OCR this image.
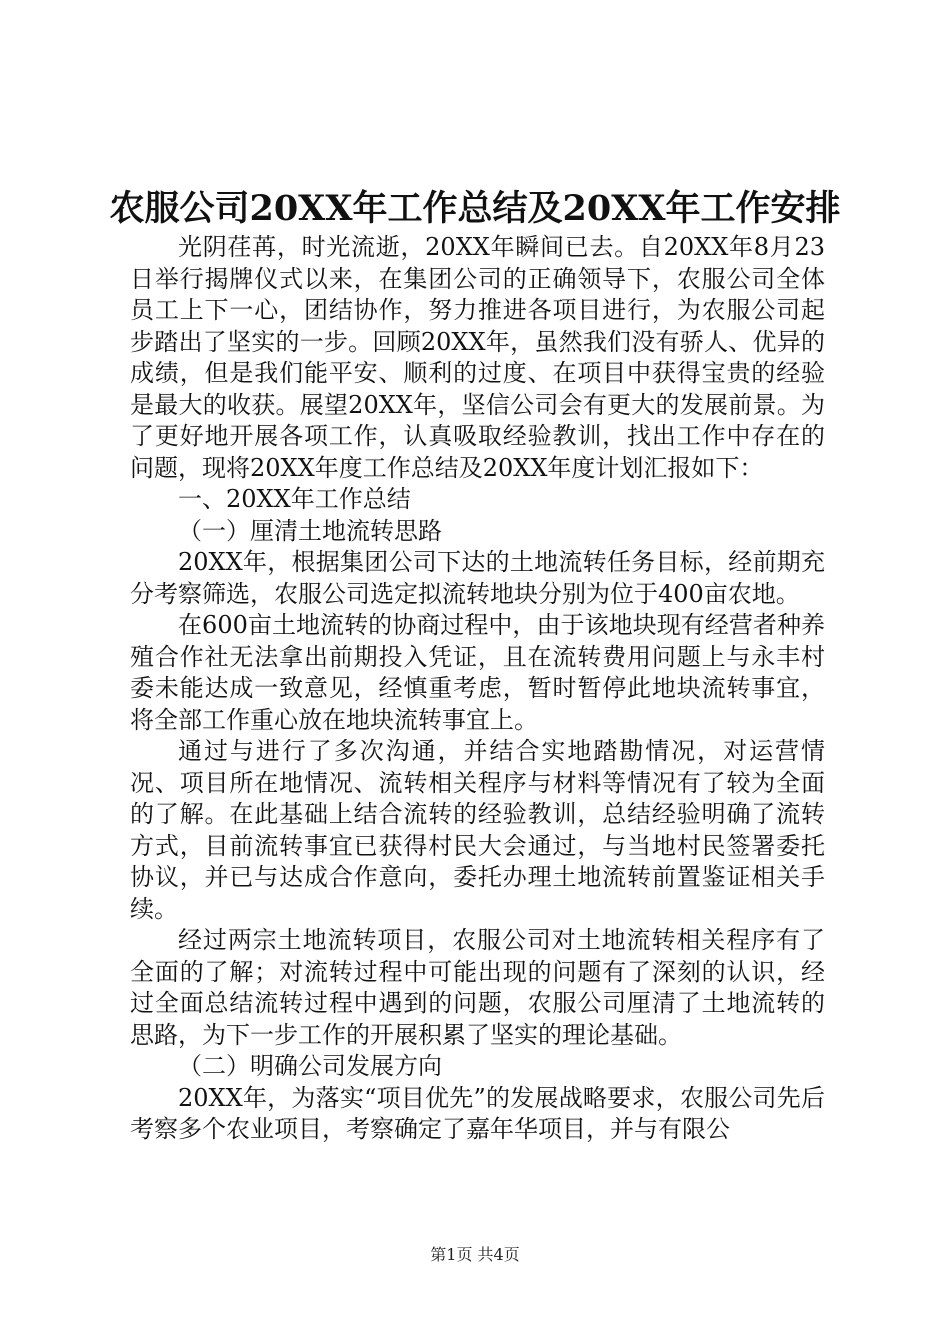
农服公司20XX年工作总结及20XX年工作安排

光阴荏苒，时光流逝，20XX年瞬间已去。自20XX年8月23日举行揭牌仪式以来，在集团公司的正确领导下，农服公司全体员工上下一心，团结协作，努力推进各项目进行，为农服公司起步踏出了坚实的一步。回顾20XX年，虽然我们没有骄人、优异的成绩，但是我们能平安、顺利的过度、在项目中获得宝贵的经验是最大的收获。展望20XX年，坚信公司会有更大的发展前景。为了更好地开展各项工作，认真吸取经验教训，找出工作中存在的问题，现将20XX年度工作总结及20XX年度计划汇报如下：

一、20XX年工作总结

（一）厘清土地流转思路

20XX年，根据集团公司下达的土地流转任务目标，经前期充分考察筛选，农服公司选定拟流转地块分别为位于400亩农地。

在600亩土地流转的协商过程中，由于该地块现有经营者种养殖合作社无法拿出前期投入凭证，且在流转费用问题上与永丰村委未能达成一致意见，经慎重考虑，暂时暂停此地块流转事宜，将全部工作重心放在地块流转事宜上。

通过与进行了多次沟通，并结合实地踏勘情况，对运营情况、项目所在地情况、流转相关程序与材料等情况有了较为全面的了解。在此基础上结合流转的经验教训，总结经验明确了流转方式，目前流转事宜已获得村民大会通过，与当地村民签署委托协议，并已与达成合作意向，委托办理土地流转前置鉴证相关手续。

经过两宗土地流转项目，农服公司对土地流转相关程序有了全面的了解；对流转过程中可能出现的问题有了深刻的认识，经过全面总结流转过程中遇到的问题，农服公司厘清了土地流转的思路，为下一步工作的开展积累了坚实的理论基础。

（二）明确公司发展方向

20XX年，为落实“项目优先”的发展战略要求，农服公司先后考察多个农业项目，考察确定了嘉年华项目，并与有限公

第1页 共4页
